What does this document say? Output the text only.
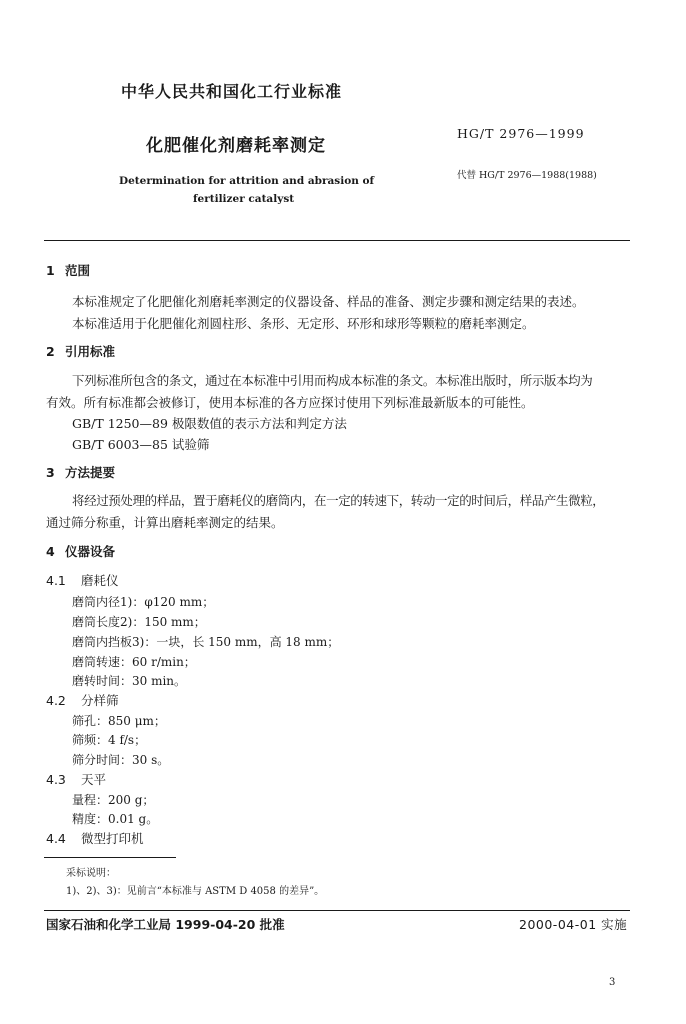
中华人民共和国化工行业标准
化肥催化剂磨耗率测定
HG/T 2976—1999
代替 HG/T 2976—1988(1988)
Determination for attrition and abrasion of
fertilizer catalyst
1 范围
本标准规定了化肥催化剂磨耗率测定的仪器设备、样品的准备、测定步骤和测定结果的表述。
本标准适用于化肥催化剂圆柱形、条形、无定形、环形和球形等颗粒的磨耗率测定。
2 引用标准
下列标准所包含的条文，通过在本标准中引用而构成本标准的条文。本标准出版时，所示版本均为
有效。所有标准都会被修订，使用本标准的各方应探讨使用下列标准最新版本的可能性。
GB/T 1250—89 极限数值的表示方法和判定方法
GB/T 6003—85 试验筛
3 方法提要
将经过预处理的样品，置于磨耗仪的磨筒内，在一定的转速下，转动一定的时间后，样品产生微粒，
通过筛分称重，计算出磨耗率测定的结果。
4 仪器设备
4.1 磨耗仪
磨筒内径1)：φ120 mm；
磨筒长度2)：150 mm；
磨筒内挡板3)：一块，长 150 mm，高 18 mm；
磨筒转速：60 r/min；
磨转时间：30 min。
4.2 分样筛
筛孔：850 μm；
筛频：4 f/s；
筛分时间：30 s。
4.3 天平
量程：200 g；
精度：0.01 g。
4.4 微型打印机
采标说明：
1)、2)、3)：见前言“本标准与 ASTM D 4058 的差异”。
国家石油和化学工业局 1999-04-20 批准	2000-04-01 实施
3
